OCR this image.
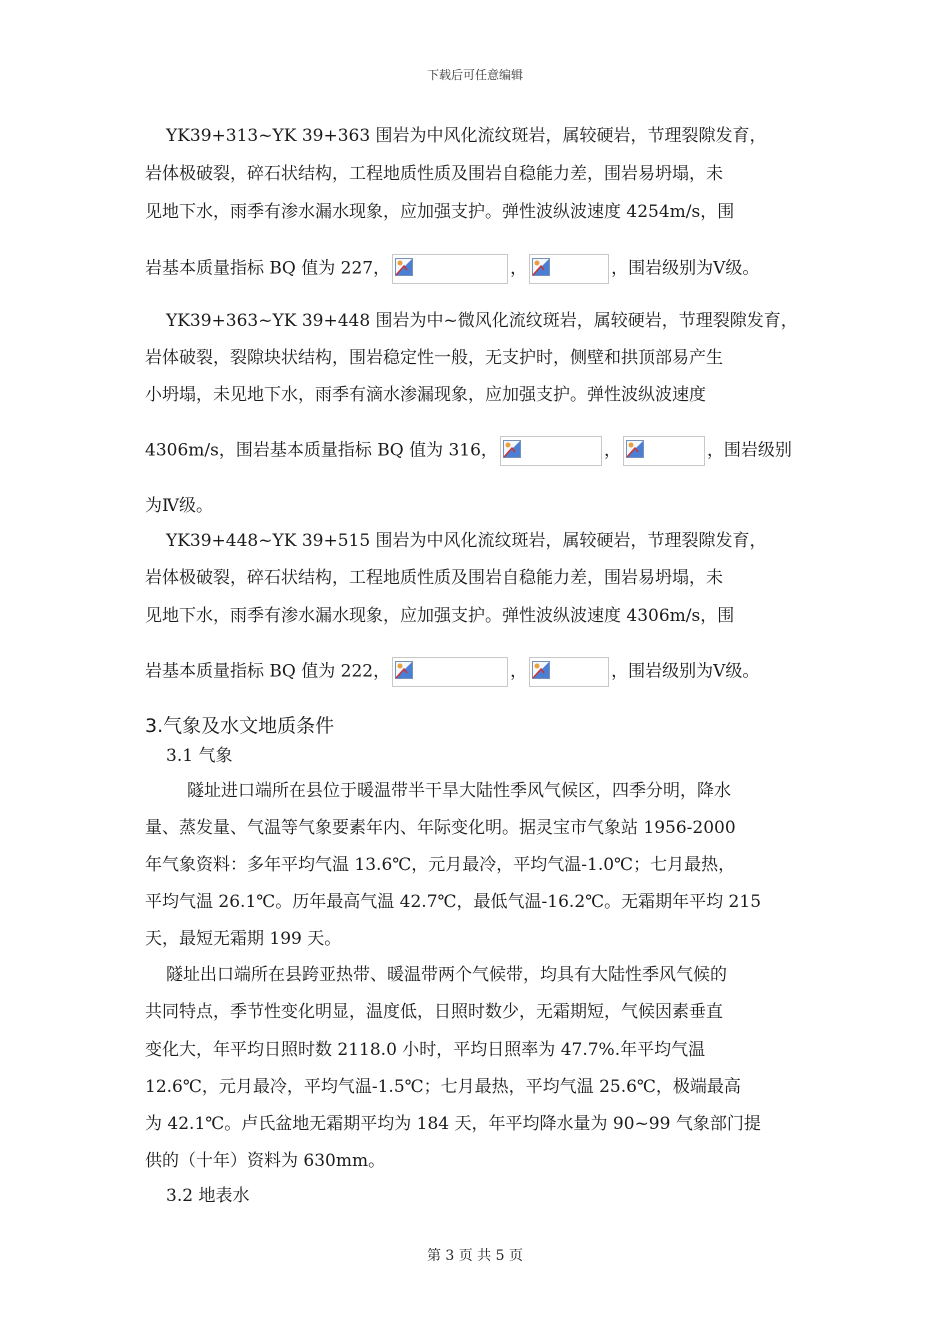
下载后可任意编辑
YK39+313~YK 39+363 围岩为中风化流纹斑岩，属较硬岩，节理裂隙发育，
岩体极破裂，碎石状结构，工程地质性质及围岩自稳能力差，围岩易坍塌，未
见地下水，雨季有渗水漏水现象，应加强支护。弹性波纵波速度 4254m/s，围
岩基本质量指标 BQ 值为 227，	，	，围岩级别为Ⅴ级。
YK39+363~YK 39+448 围岩为中~微风化流纹斑岩，属较硬岩，节理裂隙发育，
岩体破裂，裂隙块状结构，围岩稳定性一般，无支护时，侧壁和拱顶部易产生
小坍塌，未见地下水，雨季有滴水渗漏现象，应加强支护。弹性波纵波速度
4306m/s，围岩基本质量指标 BQ 值为 316，	，	，围岩级别
为Ⅳ级。
YK39+448~YK 39+515 围岩为中风化流纹斑岩，属较硬岩，节理裂隙发育，
岩体极破裂，碎石状结构，工程地质性质及围岩自稳能力差，围岩易坍塌，未
见地下水，雨季有渗水漏水现象，应加强支护。弹性波纵波速度 4306m/s，围
岩基本质量指标 BQ 值为 222，	，	，围岩级别为Ⅴ级。
3.气象及水文地质条件
3.1 气象
隧址进口端所在县位于暖温带半干旱大陆性季风气候区，四季分明，降水
量、蒸发量、气温等气象要素年内、年际变化明。据灵宝市气象站 1956-2000
年气象资料：多年平均气温 13.6℃，元月最冷，平均气温-1.0℃；七月最热，
平均气温 26.1℃。历年最高气温 42.7℃，最低气温-16.2℃。无霜期年平均 215
天，最短无霜期 199 天。
隧址出口端所在县跨亚热带、暖温带两个气候带，均具有大陆性季风气候的
共同特点，季节性变化明显，温度低，日照时数少，无霜期短，气候因素垂直
变化大，年平均日照时数 2118.0 小时，平均日照率为 47.7%.年平均气温
12.6℃，元月最冷，平均气温-1.5℃；七月最热，平均气温 25.6℃，极端最高
为 42.1℃。卢氏盆地无霜期平均为 184 天，年平均降水量为 90~99 气象部门提
供的（十年）资料为 630mm。
3.2 地表水
第 3 页 共 5 页
